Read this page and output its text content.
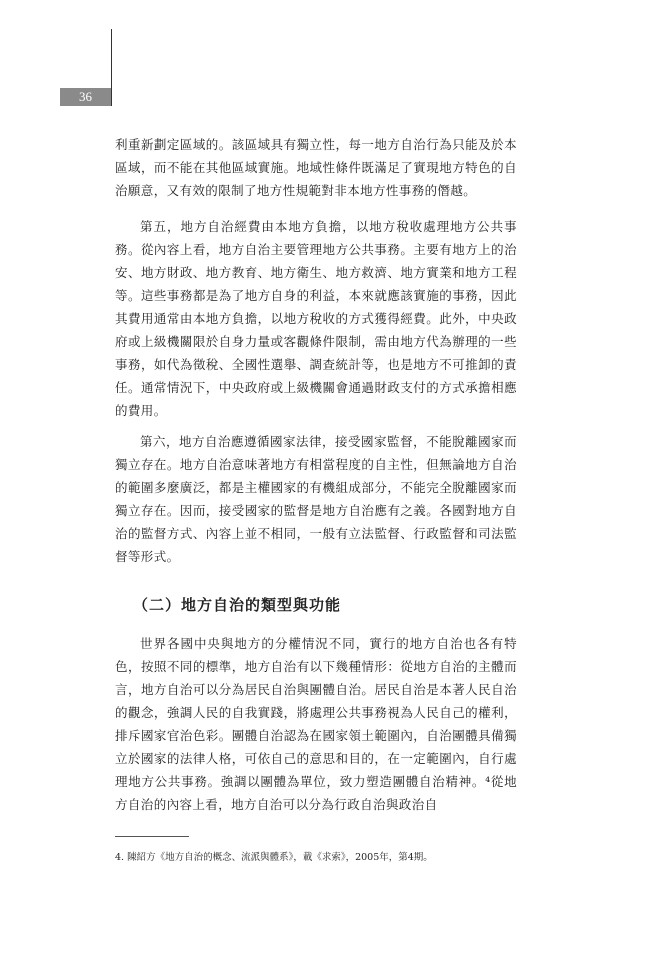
36

利重新劃定區域的。該區域具有獨立性，每一地方自治行為只能及於本區域，而不能在其他區域實施。地域性條件既滿足了實現地方特色的自治願意，又有效的限制了地方性規範對非本地方性事務的僭越。

第五，地方自治經費由本地方負擔，以地方稅收處理地方公共事務。從內容上看，地方自治主要管理地方公共事務。主要有地方上的治安、地方財政、地方教育、地方衛生、地方救濟、地方實業和地方工程等。這些事務都是為了地方自身的利益，本來就應該實施的事務，因此其費用通常由本地方負擔，以地方稅收的方式獲得經費。此外，中央政府或上級機關限於自身力量或客觀條件限制，需由地方代為辦理的一些事務，如代為徵稅、全國性選舉、調查統計等，也是地方不可推卸的責任。通常情況下，中央政府或上級機關會通過財政支付的方式承擔相應的費用。

第六，地方自治應遵循國家法律，接受國家監督，不能脫離國家而獨立存在。地方自治意味著地方有相當程度的自主性，但無論地方自治的範圍多麼廣泛，都是主權國家的有機組成部分，不能完全脫離國家而獨立存在。因而，接受國家的監督是地方自治應有之義。各國對地方自治的監督方式、內容上並不相同，一般有立法監督、行政監督和司法監督等形式。

（二）地方自治的類型與功能

世界各國中央與地方的分權情況不同，實行的地方自治也各有特色，按照不同的標準，地方自治有以下幾種情形：從地方自治的主體而言，地方自治可以分為居民自治與團體自治。居民自治是本著人民自治的觀念，強調人民的自我實踐，將處理公共事務視為人民自己的權利，排斥國家官治色彩。團體自治認為在國家領土範圍內，自治團體具備獨立於國家的法律人格，可依自己的意思和目的，在一定範圍內，自行處理地方公共事務。強調以團體為單位，致力塑造團體自治精神。⁴從地方自治的內容上看，地方自治可以分為行政自治與政治自

4. 陳紹方《地方自治的概念、流派與體系》，載《求索》，2005年，第4期。
